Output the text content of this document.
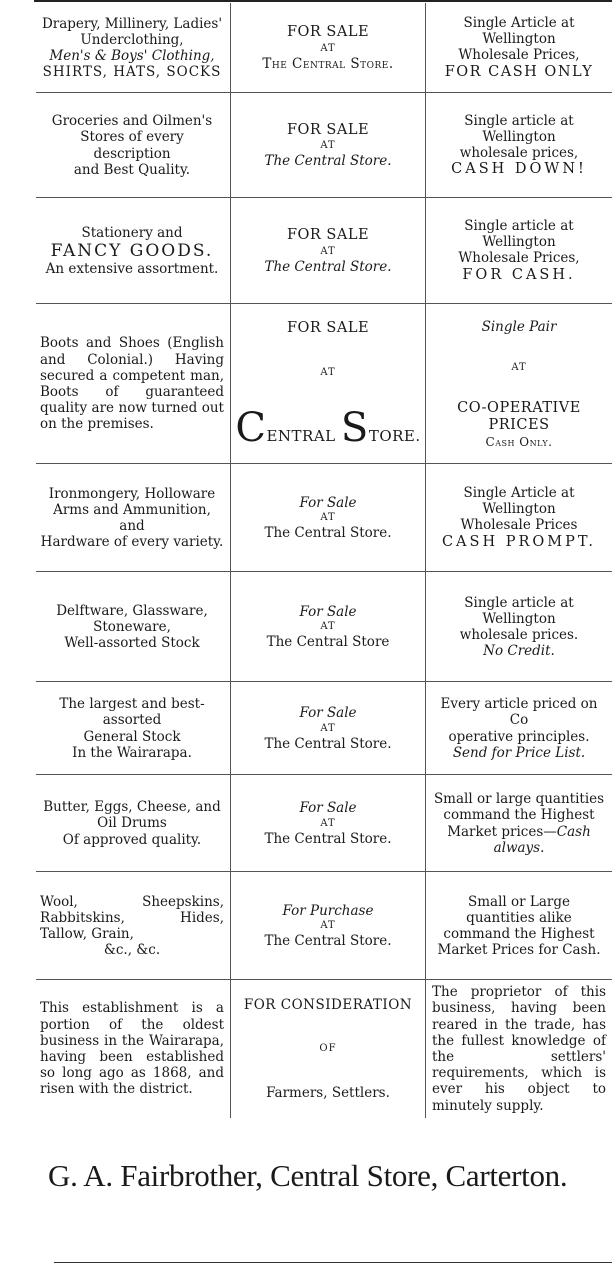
Drapery, Millinery, Ladies'
Underclothing,
Men's & Boys' Clothing,
SHIRTS, HATS, SOCKS
FOR SALE
AT
The Central Store.
Single Article at Wellington
Wholesale Prices,
FOR CASH ONLY
Groceries and Oilmen's
Stores of every description
and Best Quality.
FOR SALE
AT
The Central Store.
Single article at Wellington
wholesale prices,
CASH DOWN!
Stationery and
FANCY GOODS.
An extensive assortment.
FOR SALE
AT
The Central Store.
Single article at Wellington
Wholesale Prices,
FOR CASH.
Boots and Shoes (English and Colonial.) Having secured a competent man, Boots of guaranteed quality are now turned out on the premises.
FOR SALE
AT
C ENTRAL
S TORE.
Single Pair
AT
CO-OPERATIVE PRICES
Cash Only.
Ironmongery, Holloware
Arms and Ammunition, and
Hardware of every variety.
For Sale
AT
The Central Store.
Single Article at Wellington
Wholesale Prices
CASH PROMPT.
Delftware, Glassware,
Stoneware,
Well-assorted Stock
For Sale
AT
The Central Store
Single article at Wellington
wholesale prices.
No Credit.
The largest and best-assorted
General Stock
In the Wairarapa.
For Sale
AT
The Central Store.
Every article priced on Co
operative principles.
Send for Price List.
Butter, Eggs, Cheese, and
Oil Drums
Of approved quality.
For Sale
AT
The Central Store.
Small or large quantities command the Highest Market prices—Cash always.
Wool, Sheepskins, Rabbitskins, Hides, Tallow, Grain,
&c., &c.
For Purchase
AT
The Central Store.
Small or Large quantities alike command the Highest Market Prices for Cash.
This establishment is a portion of the oldest business in the Wairarapa, having been established so long ago as 1868, and risen with the district.
FOR CONSIDERATION
OF
Farmers, Settlers.
The proprietor of this business, having been reared in the trade, has the fullest knowledge of the settlers' requirements, which is ever his object to minutely supply.
G. A. Fairbrother, Central Store, Carterton.
